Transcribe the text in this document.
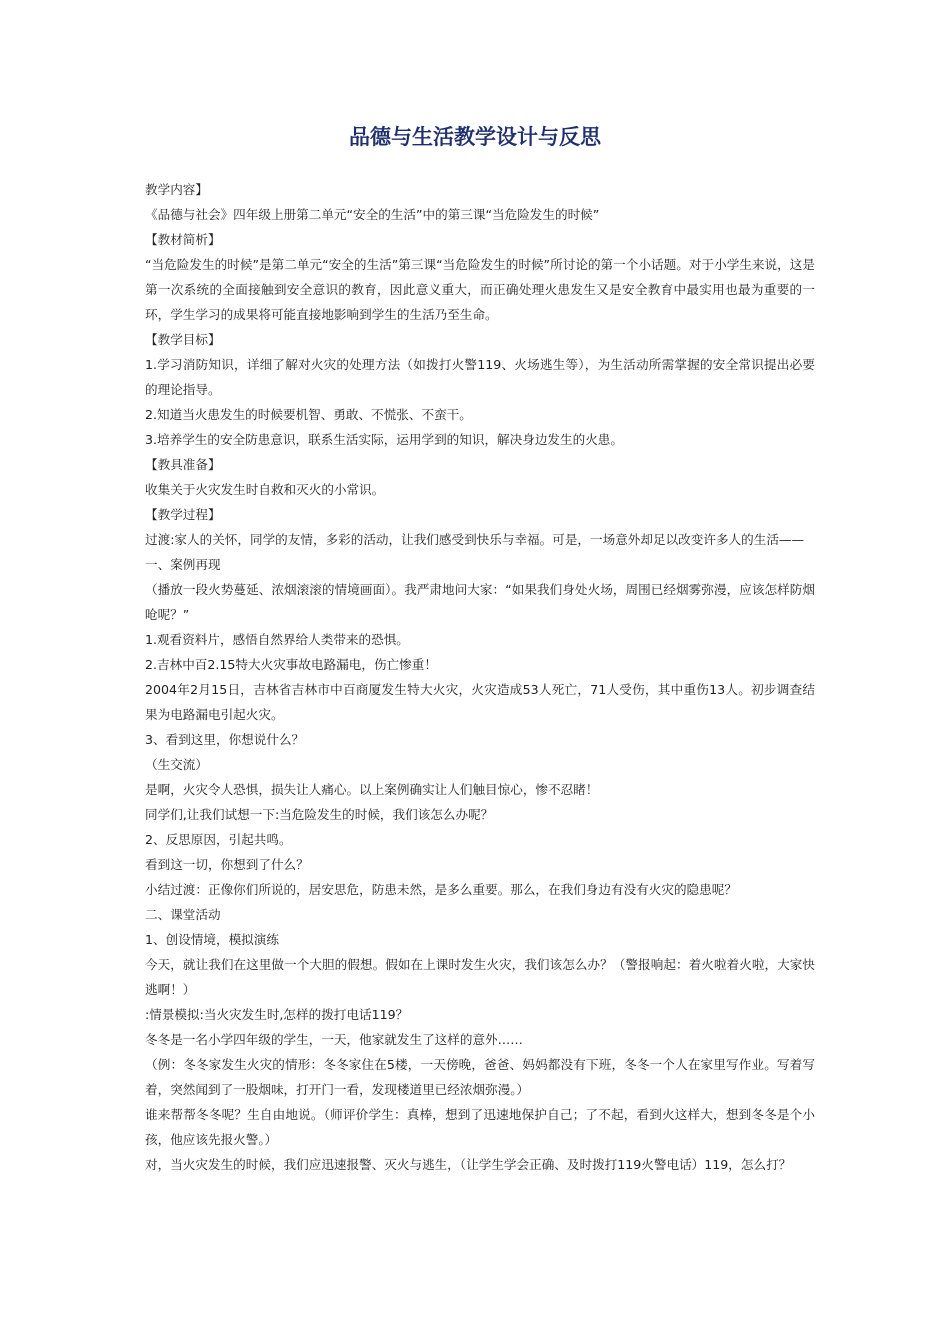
品德与生活教学设计与反思

教学内容】

《品德与社会》四年级上册第二单元“安全的生活”中的第三课“当危险发生的时候”

【教材简析】

“当危险发生的时候”是第二单元“安全的生活”第三课“当危险发生的时候”所讨论的第一个小话题。对于小学生来说，这是第一次系统的全面接触到安全意识的教育，因此意义重大，而正确处理火患发生又是安全教育中最实用也最为重要的一环，学生学习的成果将可能直接地影响到学生的生活乃至生命。

【教学目标】

1.学习消防知识，详细了解对火灾的处理方法（如拨打火警119、火场逃生等），为生活动所需掌握的安全常识提出必要的理论指导。

2.知道当火患发生的时候要机智、勇敢、不慌张、不蛮干。

3.培养学生的安全防患意识，联系生活实际，运用学到的知识，解决身边发生的火患。

【教具准备】

收集关于火灾发生时自救和灭火的小常识。

【教学过程】

过渡:家人的关怀，同学的友情，多彩的活动，让我们感受到快乐与幸福。可是，一场意外却足以改变许多人的生活——

一、案例再现

（播放一段火势蔓延、浓烟滚滚的情境画面）。我严肃地问大家：“如果我们身处火场，周围已经烟雾弥漫，应该怎样防烟呛呢？”

1.观看资料片，感悟自然界给人类带来的恐惧。

2.吉林中百2.15特大火灾事故电路漏电，伤亡惨重！

2004年2月15日，吉林省吉林市中百商厦发生特大火灾，火灾造成53人死亡，71人受伤，其中重伤13人。初步调查结果为电路漏电引起火灾。

3、看到这里，你想说什么？

（生交流）

是啊，火灾令人恐惧，损失让人痛心。以上案例确实让人们触目惊心，惨不忍睹！

同学们,让我们试想一下:当危险发生的时候，我们该怎么办呢？

2、反思原因，引起共鸣。

看到这一切，你想到了什么？

小结过渡：正像你们所说的，居安思危，防患未然，是多么重要。那么，在我们身边有没有火灾的隐患呢？

二、课堂活动

1、创设情境，模拟演练

今天，就让我们在这里做一个大胆的假想。假如在上课时发生火灾，我们该怎么办？（警报响起：着火啦着火啦，大家快逃啊！）

:情景模拟:当火灾发生时,怎样的拨打电话119？

冬冬是一名小学四年级的学生，一天，他家就发生了这样的意外……

（例：冬冬家发生火灾的情形：冬冬家住在5楼，一天傍晚，爸爸、妈妈都没有下班，冬冬一个人在家里写作业。写着写着，突然闻到了一股烟味，打开门一看，发现楼道里已经浓烟弥漫。）

谁来帮帮冬冬呢？生自由地说。（师评价学生：真棒，想到了迅速地保护自己；了不起，看到火这样大，想到冬冬是个小孩，他应该先报火警。）

对，当火灾发生的时候，我们应迅速报警、灭火与逃生，（让学生学会正确、及时拨打119火警电话）119，怎么打？
